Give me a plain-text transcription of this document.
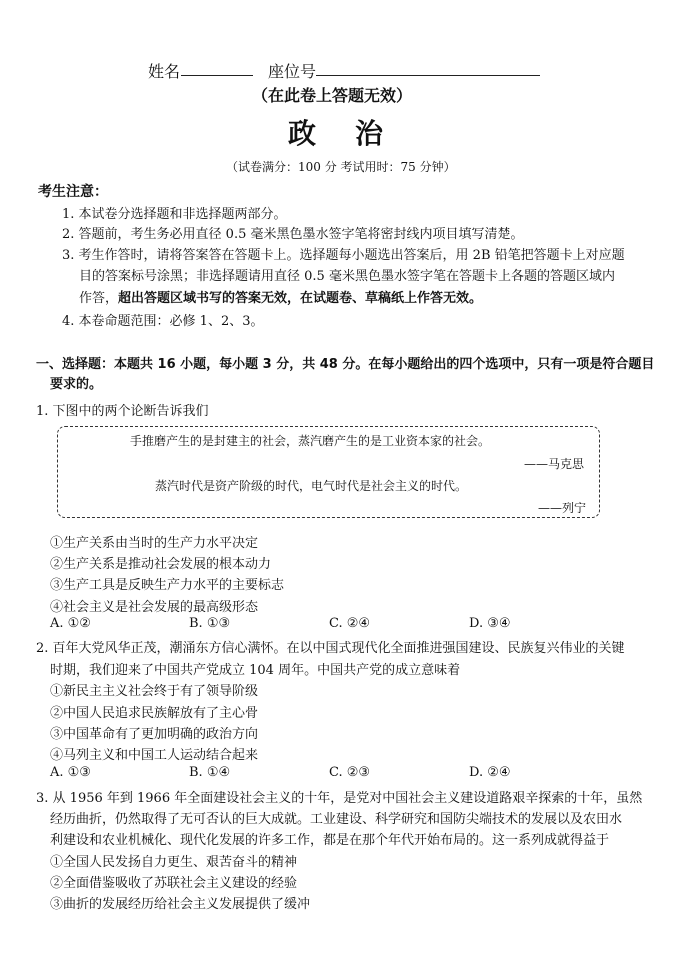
姓名	座位号
（在此卷上答题无效）
政    治
（试卷满分：100 分 考试用时：75 分钟）
考生注意：
1. 本试卷分选择题和非选择题两部分。
2. 答题前，考生务必用直径 0.5 毫米黑色墨水签字笔将密封线内项目填写清楚。
3. 考生作答时，请将答案答在答题卡上。选择题每小题选出答案后，用 2B 铅笔把答题卡上对应题
目的答案标号涂黑；非选择题请用直径 0.5 毫米黑色墨水签字笔在答题卡上各题的答题区域内
作答，超出答题区域书写的答案无效，在试题卷、草稿纸上作答无效。
4. 本卷命题范围：必修 1、2、3。
一、选择题：本题共 16 小题，每小题 3 分，共 48 分。在每小题给出的四个选项中，只有一项是符合题目
要求的。
1. 下图中的两个论断告诉我们
手推磨产生的是封建主的社会，蒸汽磨产生的是工业资本家的社会。
——马克思
蒸汽时代是资产阶级的时代，电气时代是社会主义的时代。
——列宁
①生产关系由当时的生产力水平决定
②生产关系是推动社会发展的根本动力
③生产工具是反映生产力水平的主要标志
④社会主义是社会发展的最高级形态
A. ①②	B. ①③	C. ②④	D. ③④
2. 百年大党风华正茂，潮涌东方信心满怀。在以中国式现代化全面推进强国建设、民族复兴伟业的关键
时期，我们迎来了中国共产党成立 104 周年。中国共产党的成立意味着
①新民主主义社会终于有了领导阶级
②中国人民追求民族解放有了主心骨
③中国革命有了更加明确的政治方向
④马列主义和中国工人运动结合起来
A. ①③	B. ①④	C. ②③	D. ②④
3. 从 1956 年到 1966 年全面建设社会主义的十年，是党对中国社会主义建设道路艰辛探索的十年，虽然
经历曲折，仍然取得了无可否认的巨大成就。工业建设、科学研究和国防尖端技术的发展以及农田水
利建设和农业机械化、现代化发展的许多工作，都是在那个年代开始布局的。这一系列成就得益于
①全国人民发扬自力更生、艰苦奋斗的精神
②全面借鉴吸收了苏联社会主义建设的经验
③曲折的发展经历给社会主义发展提供了缓冲
